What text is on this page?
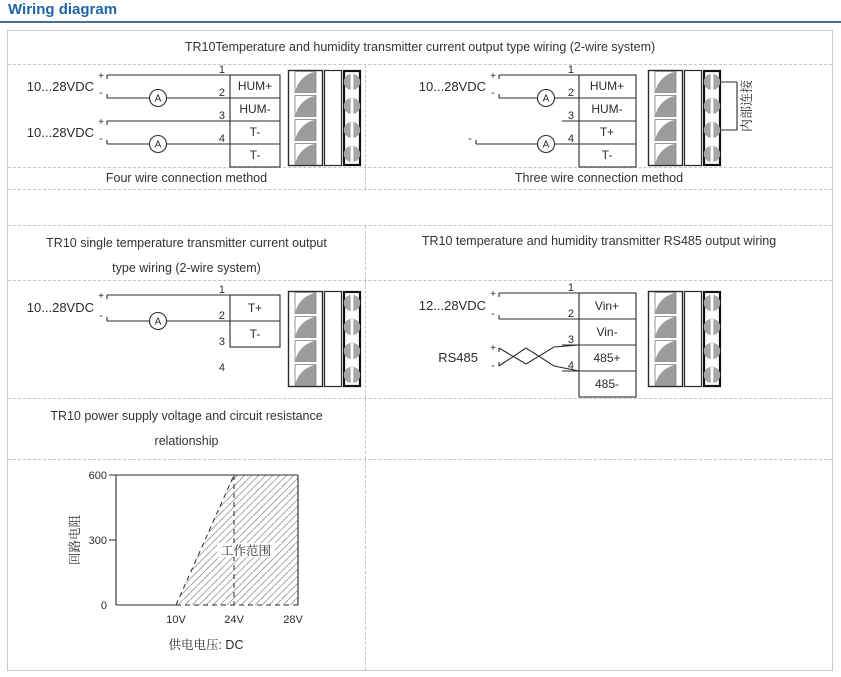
Wiring diagram
TR10Temperature and humidity transmitter current output type wiring (2-wire system)
10...28VDC
+
-
10...28VDC
+
-
1
2
3
4
HUM+
HUM-
T-
T-
10...28VDC
+
-
-
1
2
3
4
HUM+
HUM-
T+
T-
内部连接
Four wire connection method	Three wire connection method
TR10 single temperature transmitter current output
type wiring (2-wire system)
TR10 temperature and humidity transmitter RS485 output wiring
10...28VDC
+
-
1
2
3
4
T+
T-
12...28VDC
+
-
RS485
+
-
1
2
3
4
Vin+
Vin-
485+
485-
TR10 power supply voltage and circuit resistance
relationship
600
300
0
10V	24V	28V
工作范围
回路电阻
供电电压: DC
